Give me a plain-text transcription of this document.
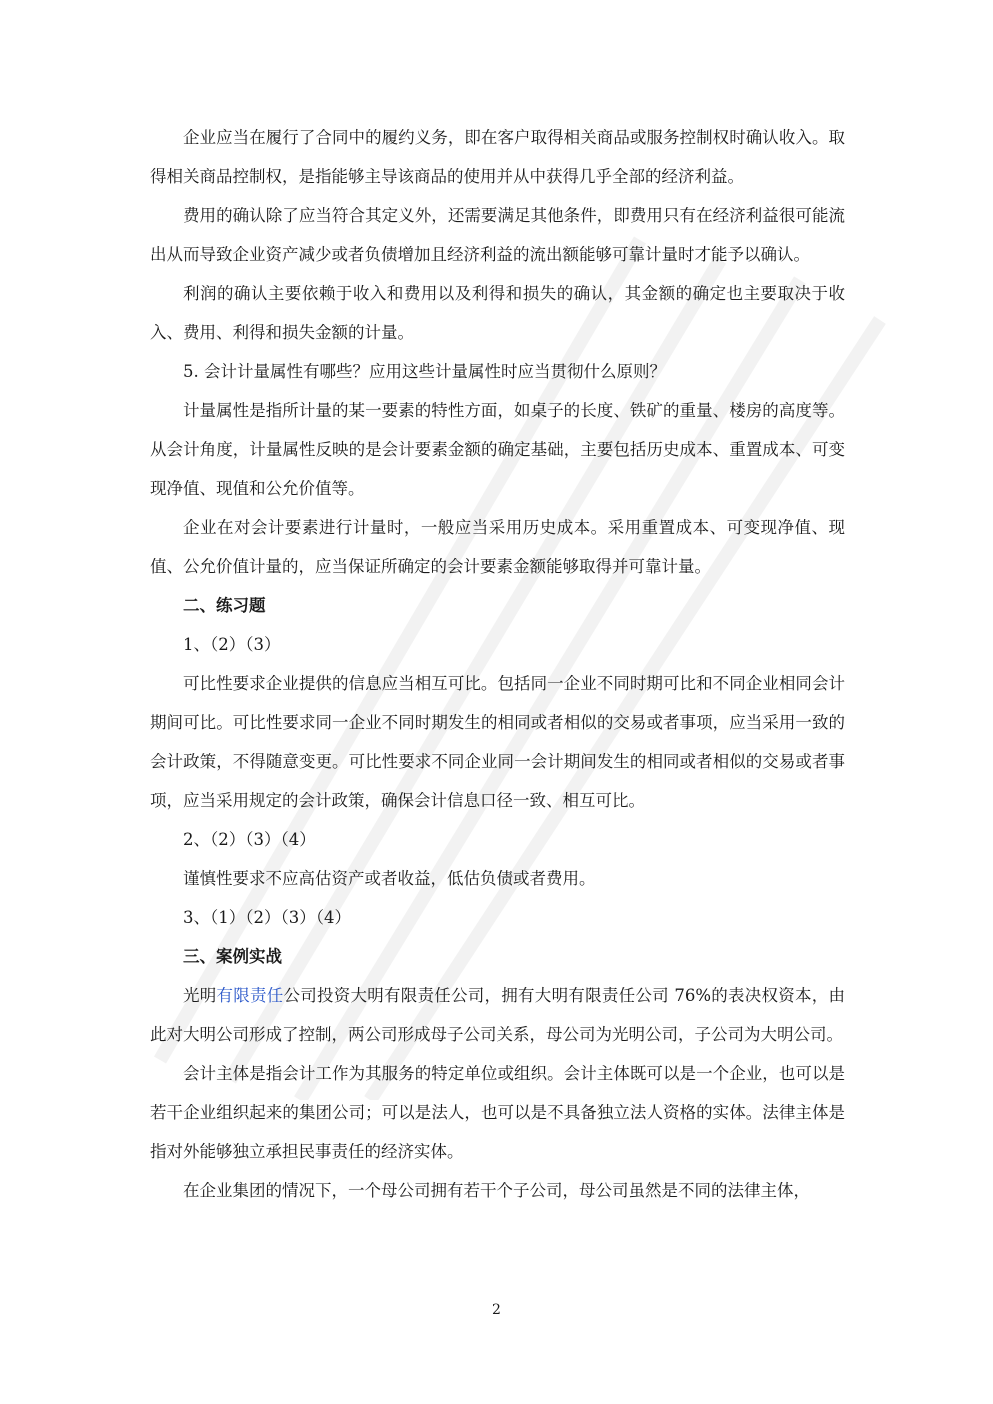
企业应当在履行了合同中的履约义务，即在客户取得相关商品或服务控制权时确认收入。取得相关商品控制权，是指能够主导该商品的使用并从中获得几乎全部的经济利益。

费用的确认除了应当符合其定义外，还需要满足其他条件，即费用只有在经济利益很可能流出从而导致企业资产减少或者负债增加且经济利益的流出额能够可靠计量时才能予以确认。

利润的确认主要依赖于收入和费用以及利得和损失的确认，其金额的确定也主要取决于收入、费用、利得和损失金额的计量。

5. 会计计量属性有哪些？应用这些计量属性时应当贯彻什么原则？

计量属性是指所计量的某一要素的特性方面，如桌子的长度、铁矿的重量、楼房的高度等。从会计角度，计量属性反映的是会计要素金额的确定基础，主要包括历史成本、重置成本、可变现净值、现值和公允价值等。

企业在对会计要素进行计量时，一般应当采用历史成本。采用重置成本、可变现净值、现值、公允价值计量的，应当保证所确定的会计要素金额能够取得并可靠计量。

二、练习题

1、（2）（3）

可比性要求企业提供的信息应当相互可比。包括同一企业不同时期可比和不同企业相同会计期间可比。可比性要求同一企业不同时期发生的相同或者相似的交易或者事项，应当采用一致的会计政策，不得随意变更。可比性要求不同企业同一会计期间发生的相同或者相似的交易或者事项，应当采用规定的会计政策，确保会计信息口径一致、相互可比。

2、（2）（3）（4）

谨慎性要求不应高估资产或者收益，低估负债或者费用。

3、（1）（2）（3）（4）

三、案例实战

光明有限责任公司投资大明有限责任公司，拥有大明有限责任公司 76%的表决权资本，由此对大明公司形成了控制，两公司形成母子公司关系，母公司为光明公司，子公司为大明公司。

会计主体是指会计工作为其服务的特定单位或组织。会计主体既可以是一个企业，也可以是若干企业组织起来的集团公司；可以是法人，也可以是不具备独立法人资格的实体。法律主体是指对外能够独立承担民事责任的经济实体。

在企业集团的情况下，一个母公司拥有若干个子公司，母公司虽然是不同的法律主体，

2
